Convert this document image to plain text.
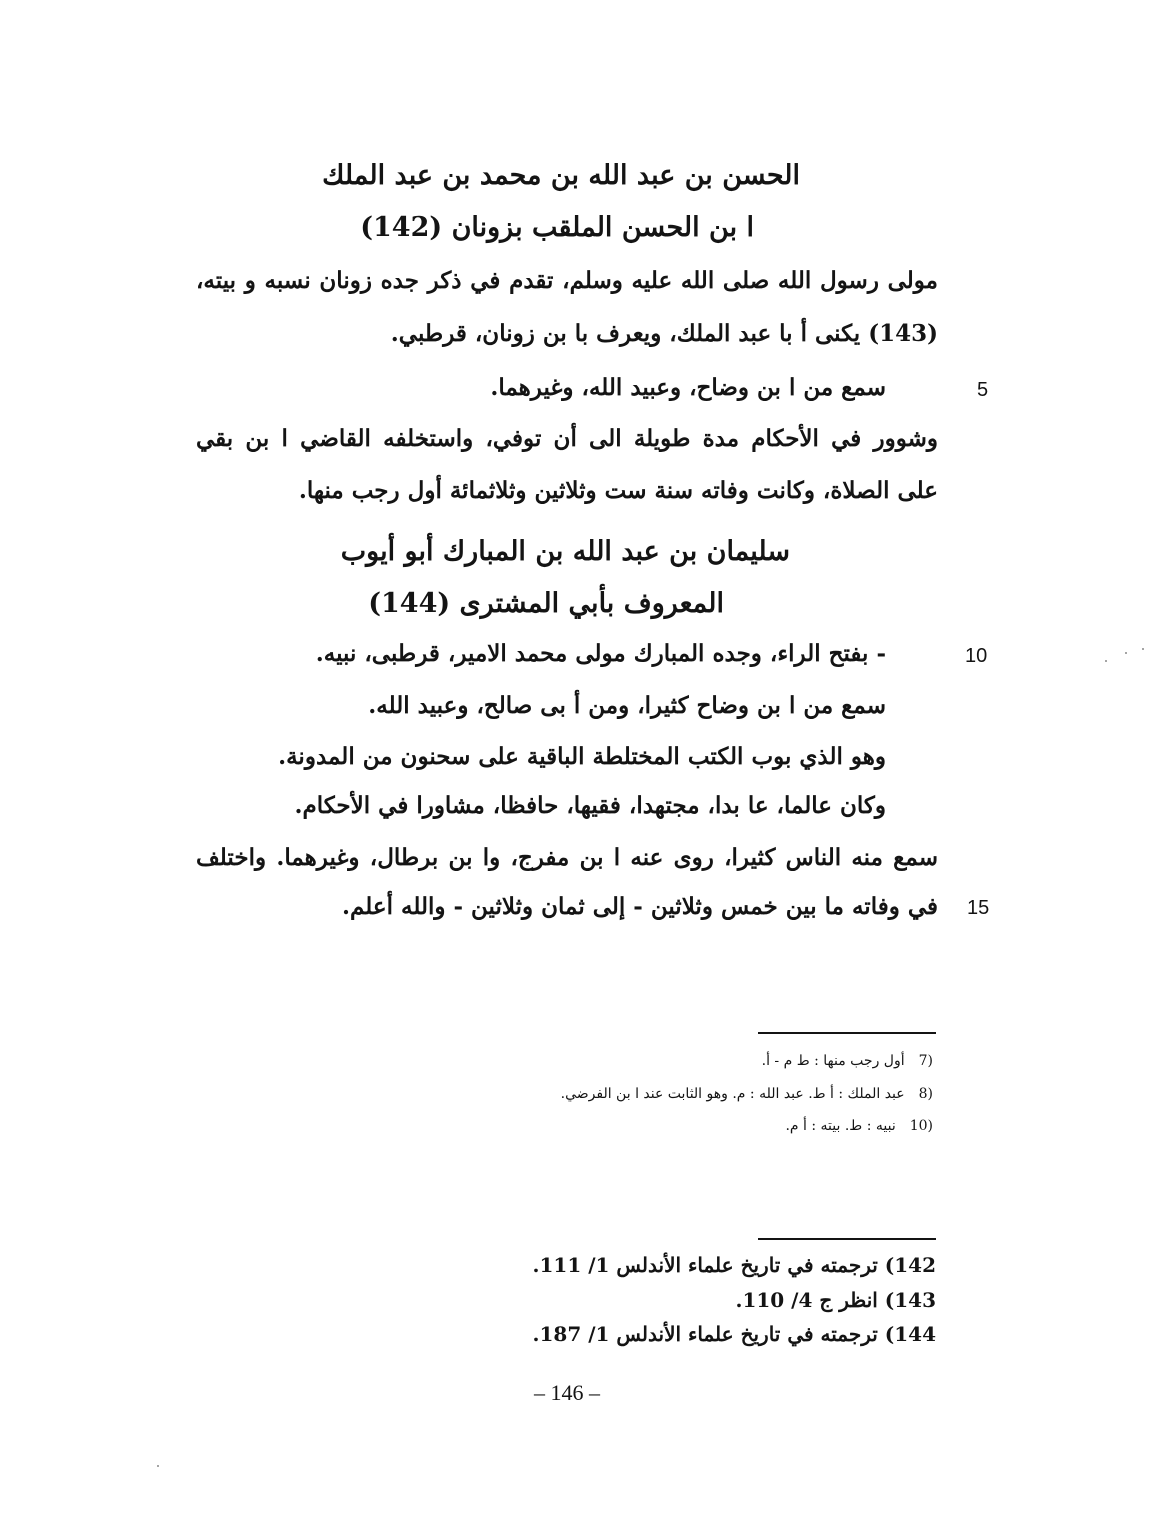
الحسن بن عبد الله بن محمد بن عبد الملك
ا بن الحسن الملقب بزونان (142)
مولى رسول الله صلى الله عليه وسلم، تقدم في ذكر جده زونان نسبه و بيته،
(143) يكنى أ با عبد الملك، ويعرف با بن زونان، قرطبي.
سمع من ا بن وضاح، وعبيد الله، وغيرهما.
وشوور في الأحكام مدة طويلة الى أن توفي، واستخلفه القاضي ا بن بقي
على الصلاة، وكانت وفاته سنة ست وثلاثين وثلاثمائة أول رجب منها.
سليمان بن عبد الله بن المبارك أبو أيوب
المعروف بأبي المشترى (144)
- بفتح الراء، وجده المبارك مولى محمد الامير، قرطبى، نبيه.
سمع من ا بن وضاح كثيرا، ومن أ بى صالح، وعبيد الله.
وهو الذي بوب الكتب المختلطة الباقية على سحنون من المدونة.
وكان عالما، عا بدا، مجتهدا، فقيها، حافظا، مشاورا في الأحكام.
سمع منه الناس كثيرا، روى عنه ا بن مفرج، وا بن برطال، وغيرهما. واختلف
في وفاته ما بين خمس وثلاثين - إلى ثمان وثلاثين - والله أعلم.
5
10
15
7)أول رجب منها : ط م - أ.
8)عبد الملك : أ ط. عبد الله : م. وهو الثابت عند ا بن الفرضي.
10)نبيه : ط. بيته : أ م.
142) ترجمته في تاريخ علماء الأندلس 1/ 111.
143) انظر ج 4/ 110.
144) ترجمته في تاريخ علماء الأندلس 1/ 187.
– 146 –
